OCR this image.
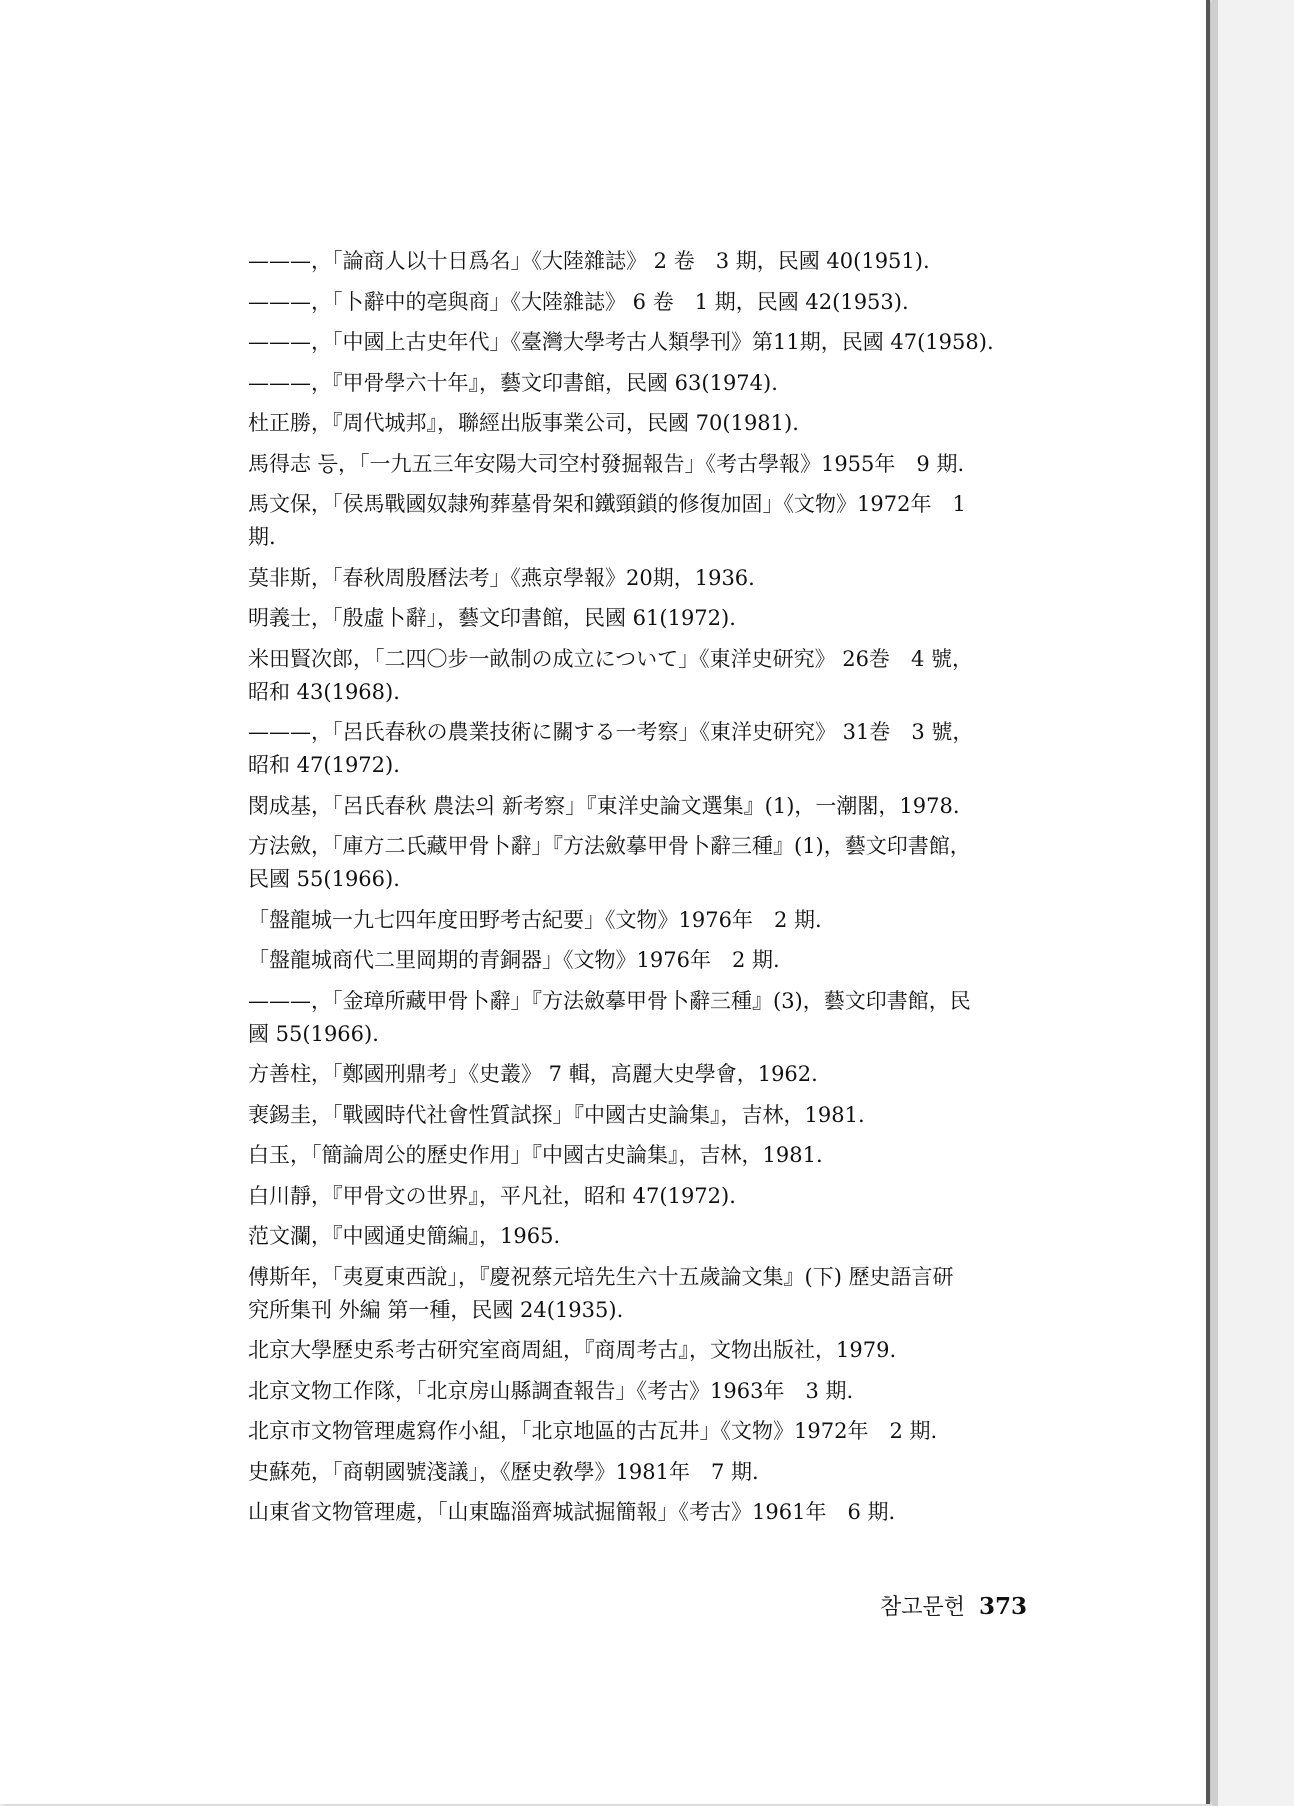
———，「論商人以十日爲名」《大陸雜誌》 2 卷　3 期，民國 40(1951).
———，「卜辭中的亳與商」《大陸雜誌》 6 卷　1 期，民國 42(1953).
———，「中國上古史年代」《臺灣大學考古人類學刊》第11期，民國 47(1958).
———，『甲骨學六十年』，藝文印書館，民國 63(1974).
杜正勝，『周代城邦』，聯經出版事業公司，民國 70(1981).
馬得志 등，「一九五三年安陽大司空村發掘報告」《考古學報》1955年　9 期.
馬文保，「侯馬戰國奴隷殉葬墓骨架和鐵頸鎖的修復加固」《文物》1972年　1
期.
莫非斯，「春秋周殷曆法考」《燕京學報》20期，1936.
明義士，「殷虛卜辭」，藝文印書館，民國 61(1972).
米田賢次郎，「二四〇步一畝制の成立について」《東洋史研究》 26巻　4 號，
昭和 43(1968).
———，「呂氏春秋の農業技術に關する一考察」《東洋史研究》 31巻　3 號，
昭和 47(1972).
閔成基，「呂氏春秋 農法의 新考察」『東洋史論文選集』(1)，一潮閣，1978.
方法斂，「庫方二氏藏甲骨卜辭」『方法斂摹甲骨卜辭三種』(1)，藝文印書館，
民國 55(1966).
「盤龍城一九七四年度田野考古紀要」《文物》1976年　2 期.
「盤龍城商代二里岡期的青銅器」《文物》1976年　2 期.
———，「金璋所藏甲骨卜辭」『方法斂摹甲骨卜辭三種』(3)，藝文印書館，民
國 55(1966).
方善柱，「鄭國刑鼎考」《史叢》 7 輯，高麗大史學會，1962.
裵錫圭，「戰國時代社會性質試探」『中國古史論集』，吉林，1981.
白玉，「簡論周公的歷史作用」『中國古史論集』，吉林，1981.
白川靜，『甲骨文の世界』，平凡社，昭和 47(1972).
范文瀾，『中國通史簡編』，1965.
傅斯年，「夷夏東西說」，『慶祝蔡元培先生六十五歲論文集』(下) 歷史語言研
究所集刊 外編 第一種，民國 24(1935).
北京大學歷史系考古研究室商周組，『商周考古』，文物出版社，1979.
北京文物工作隊，「北京房山縣調査報告」《考古》1963年　3 期.
北京市文物管理處寫作小組，「北京地區的古瓦井」《文物》1972年　2 期.
史蘇苑，「商朝國號淺議」，《歷史敎學》1981年　7 期.
山東省文物管理處，「山東臨淄齊城試掘簡報」《考古》1961年　6 期.
참고문헌 373
